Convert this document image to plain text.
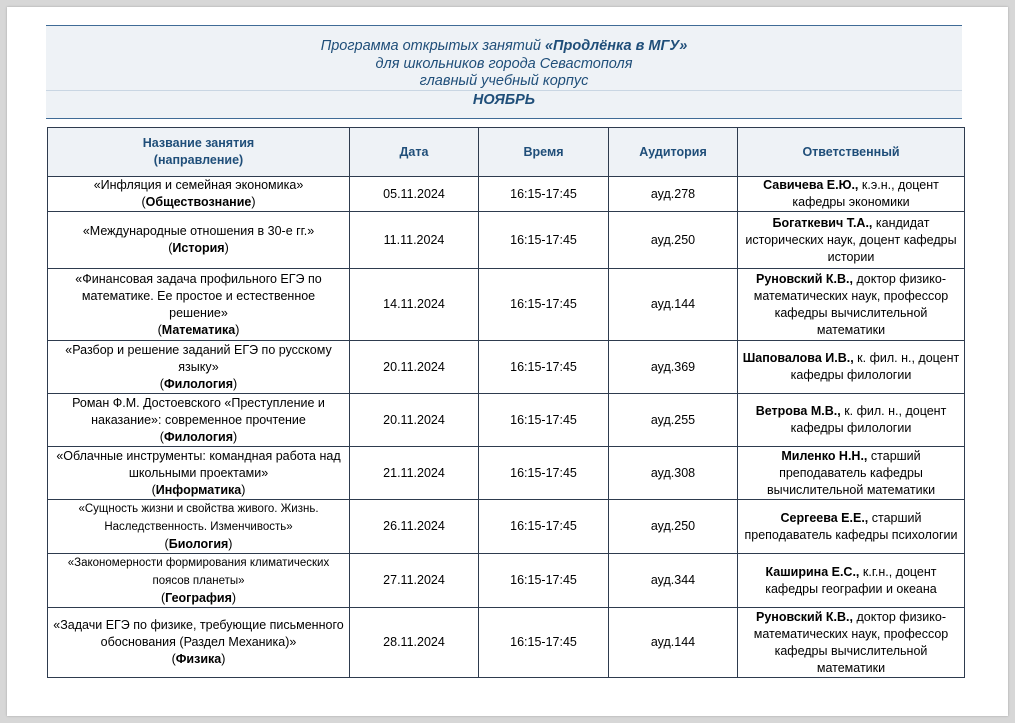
Программа открытых занятий «Продлёнка в МГУ»
для школьников города Севастополя
главный учебный корпус
НОЯБРЬ
Название занятия
(направление)	Дата	Время	Аудитория	Ответственный
«Инфляция и семейная экономика»
(Обществознание)	05.11.2024	16:15-17:45	ауд.278	Савичева Е.Ю., к.э.н., доцент кафедры экономики
«Международные отношения в 30-е гг.»
(История)	11.11.2024	16:15-17:45	ауд.250	Богаткевич Т.А., кандидат исторических наук, доцент кафедры истории
«Финансовая задача профильного ЕГЭ по математике. Ее простое и естественное решение»
(Математика)	14.11.2024	16:15-17:45	ауд.144	Руновский К.В., доктор физико-математических наук, профессор кафедры вычислительной математики
«Разбор и решение заданий ЕГЭ по русскому языку»
(Филология)	20.11.2024	16:15-17:45	ауд.369	Шаповалова И.В., к. фил. н., доцент кафедры филологии
Роман Ф.М. Достоевского «Преступление и наказание»: современное прочтение
(Филология)	20.11.2024	16:15-17:45	ауд.255	Ветрова М.В., к. фил. н., доцент кафедры филологии
«Облачные инструменты: командная работа над школьными проектами»
(Информатика)	21.11.2024	16:15-17:45	ауд.308	Миленко Н.Н., старший преподаватель кафедры вычислительной математики
«Сущность жизни и свойства живого. Жизнь. Наследственность. Изменчивость»
(Биология)	26.11.2024	16:15-17:45	ауд.250	Сергеева Е.Е., старший преподаватель кафедры психологии
«Закономерности формирования климатических поясов планеты»
(География)	27.11.2024	16:15-17:45	ауд.344	Каширина Е.С., к.г.н., доцент кафедры географии и океана
«Задачи ЕГЭ по физике, требующие письменного обоснования (Раздел Механика)»
(Физика)	28.11.2024	16:15-17:45	ауд.144	Руновский К.В., доктор физико-математических наук, профессор кафедры вычислительной математики
